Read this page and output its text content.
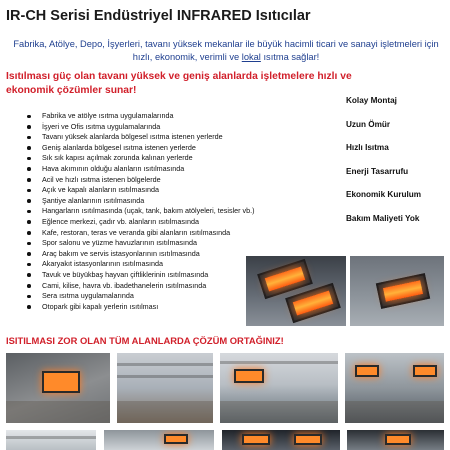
IR-CH Serisi Endüstriyel INFRARED Isıtıcılar
Fabrika, Atölye, Depo, İşyerleri, tavanı yüksek mekanlar ile büyük hacimli ticari ve sanayi işletmeleri için hızlı, ekonomik, verimli ve lokal ısıtma sağlar!
Isıtılması güç olan tavanı yüksek ve geniş alanlarda işletmelere hızlı ve ekonomik çözümler sunar!
Kolay Montaj
Uzun Ömür
Hızlı Isıtma
Enerji Tasarrufu
Ekonomik Kurulum
Bakım Maliyeti Yok
Fabrika ve atölye ısıtma uygulamalarında
İşyeri ve Ofis ısıtma uygulamalarında
Tavanı yüksek alanlarda bölgesel ısıtma istenen yerlerde
Geniş alanlarda bölgesel ısıtma istenen yerlerde
Sık sık kapısı açılmak zorunda kalınan yerlerde
Hava akımının olduğu alanların ısıtılmasında
Acil ve hızlı ısıtma istenen bölgelerde
Açık ve kapalı alanların ısıtılmasında
Şantiye alanlarının ısıtılmasında
Hangarların ısıtılmasında (uçak, tank, bakım atölyeleri, tesisler vb.)
Eğlence merkezi, çadır vb. alanların ısıtılmasında
Kafe, restoran, teras ve veranda gibi alanların ısıtılmasında
Spor salonu ve yüzme havuzlarının ısıtılmasında
Araç bakım ve servis istasyonlarının ısıtılmasında
Akaryakıt istasyonlarının ısıtılmasında
Tavuk ve büyükbaş hayvan çiftliklerinin ısıtılmasında
Cami, kilise, havra vb. ibadethanelerin ısıtılmasında
Sera ısıtma uygulamalarında
Otopark gibi kapalı yerlerin ısıtılması
ISITILMASI ZOR OLAN TÜM ALANLARDA ÇÖZÜM ORTAĞINIZ!
